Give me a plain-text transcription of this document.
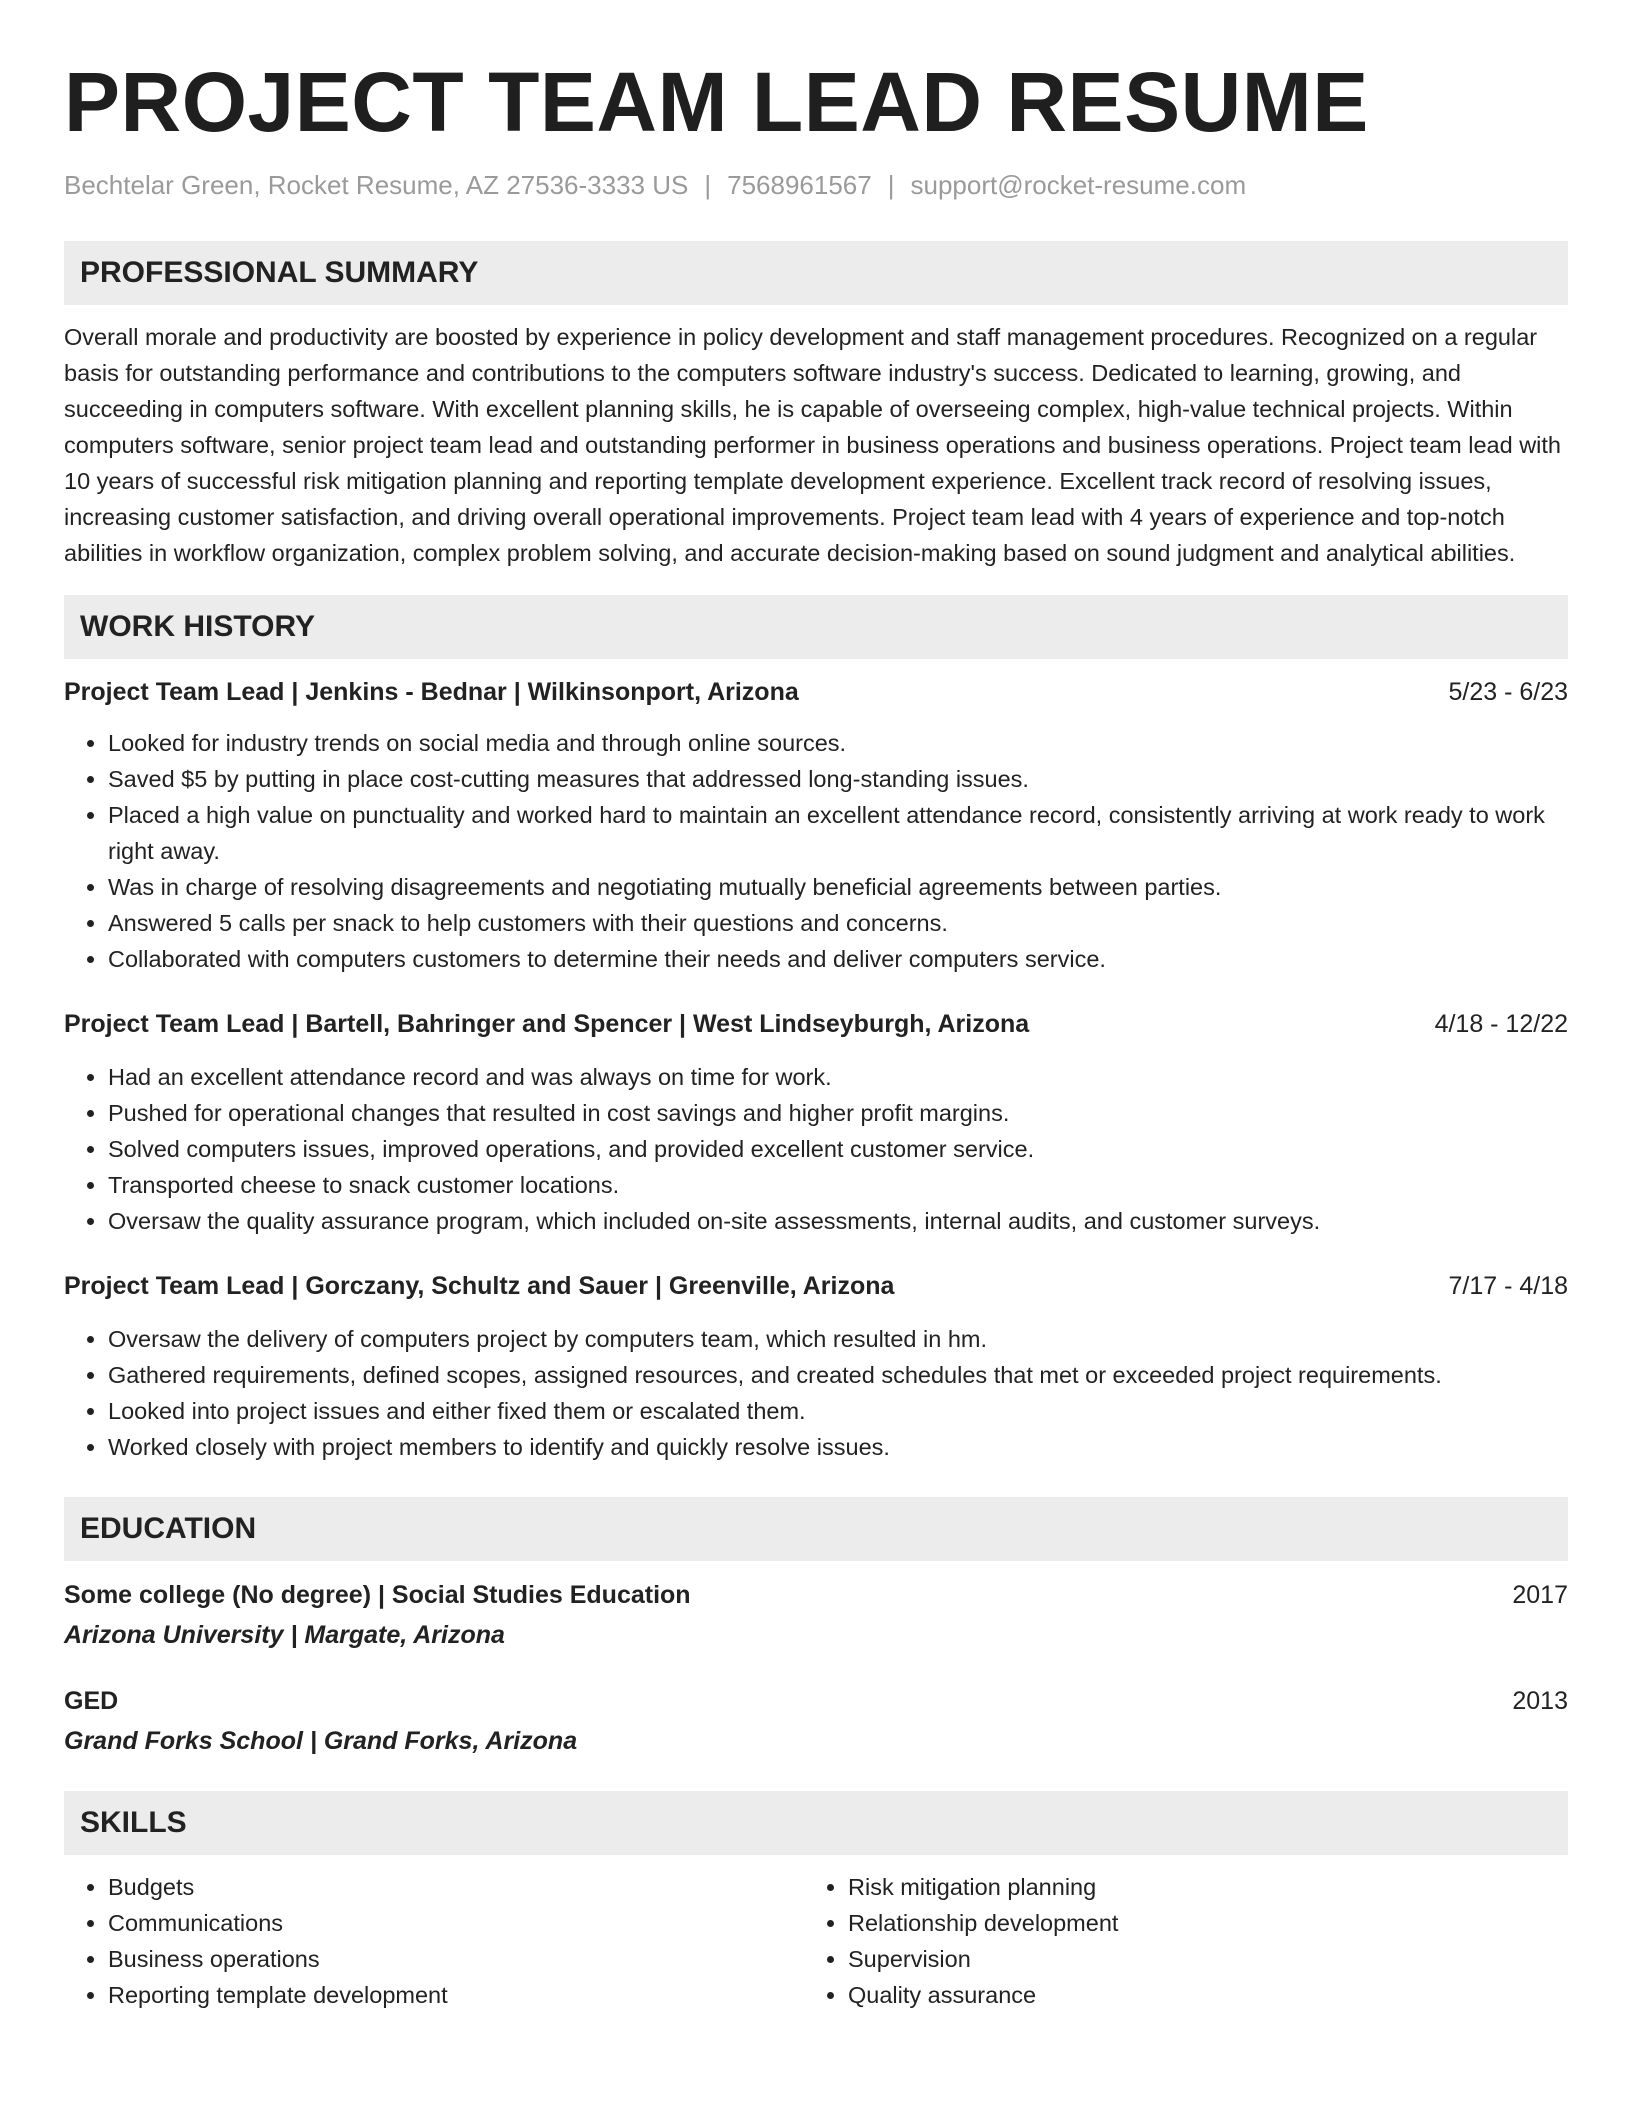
PROJECT TEAM LEAD RESUME
Bechtelar Green, Rocket Resume, AZ 27536-3333 US | 7568961567 | support@rocket-resume.com
PROFESSIONAL SUMMARY
Overall morale and productivity are boosted by experience in policy development and staff management procedures. Recognized on a regular basis for outstanding performance and contributions to the computers software industry's success. Dedicated to learning, growing, and succeeding in computers software. With excellent planning skills, he is capable of overseeing complex, high-value technical projects. Within computers software, senior project team lead and outstanding performer in business operations and business operations. Project team lead with 10 years of successful risk mitigation planning and reporting template development experience. Excellent track record of resolving issues, increasing customer satisfaction, and driving overall operational improvements. Project team lead with 4 years of experience and top-notch abilities in workflow organization, complex problem solving, and accurate decision-making based on sound judgment and analytical abilities.
WORK HISTORY
Project Team Lead | Jenkins - Bednar | Wilkinsonport, Arizona	5/23 - 6/23
• Looked for industry trends on social media and through online sources.
• Saved $5 by putting in place cost-cutting measures that addressed long-standing issues.
• Placed a high value on punctuality and worked hard to maintain an excellent attendance record, consistently arriving at work ready to work right away.
• Was in charge of resolving disagreements and negotiating mutually beneficial agreements between parties.
• Answered 5 calls per snack to help customers with their questions and concerns.
• Collaborated with computers customers to determine their needs and deliver computers service.
Project Team Lead | Bartell, Bahringer and Spencer | West Lindseyburgh, Arizona	4/18 - 12/22
• Had an excellent attendance record and was always on time for work.
• Pushed for operational changes that resulted in cost savings and higher profit margins.
• Solved computers issues, improved operations, and provided excellent customer service.
• Transported cheese to snack customer locations.
• Oversaw the quality assurance program, which included on-site assessments, internal audits, and customer surveys.
Project Team Lead | Gorczany, Schultz and Sauer | Greenville, Arizona	7/17 - 4/18
• Oversaw the delivery of computers project by computers team, which resulted in hm.
• Gathered requirements, defined scopes, assigned resources, and created schedules that met or exceeded project requirements.
• Looked into project issues and either fixed them or escalated them.
• Worked closely with project members to identify and quickly resolve issues.
EDUCATION
Some college (No degree) | Social Studies Education	2017
Arizona University | Margate, Arizona
GED	2013
Grand Forks School | Grand Forks, Arizona
SKILLS
• Budgets
• Communications
• Business operations
• Reporting template development
• Risk mitigation planning
• Relationship development
• Supervision
• Quality assurance
